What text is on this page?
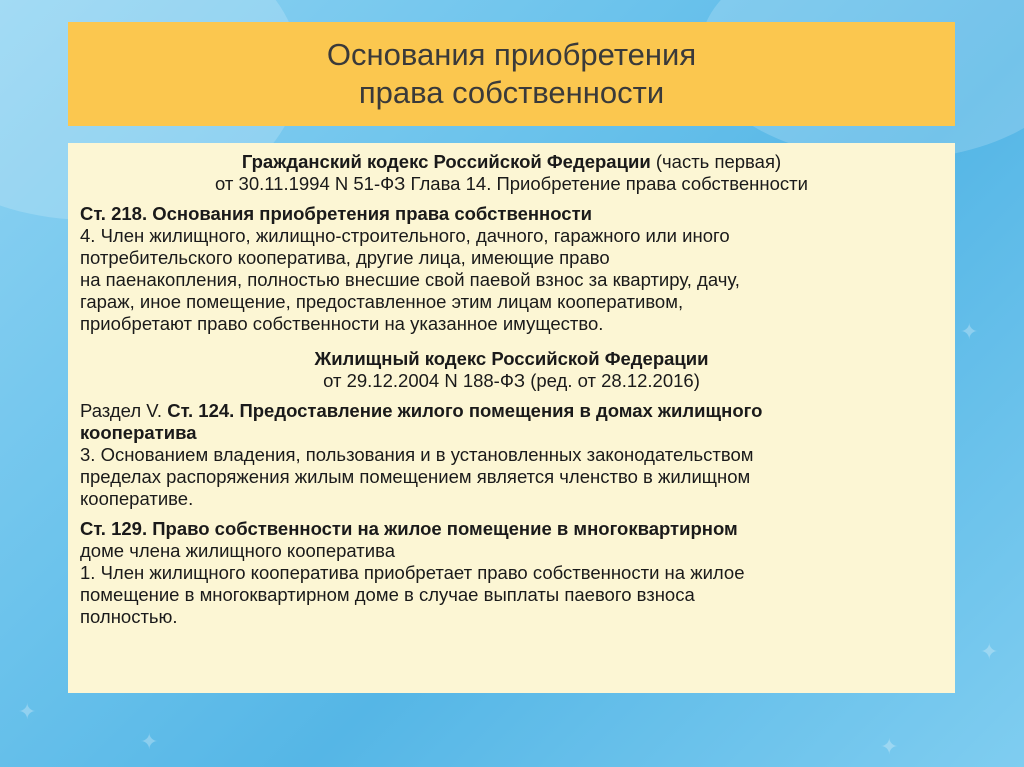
✦
✦
✦
✦
✦
Основания приобретения
права собственности
Гражданский кодекс Российской Федерации (часть первая)
от 30.11.1994 N 51-ФЗ Глава 14. Приобретение права собственности
Ст. 218. Основания приобретения права собственности
4. Член жилищного, жилищно-строительного, дачного, гаражного или иного
потребительского кооператива, другие лица, имеющие право
на паенакопления, полностью внесшие свой паевой взнос за квартиру, дачу,
гараж, иное помещение, предоставленное этим лицам кооперативом,
приобретают право собственности на указанное имущество.
Жилищный кодекс Российской Федерации
от 29.12.2004 N 188-ФЗ (ред. от 28.12.2016)
Раздел V. Ст. 124. Предоставление жилого помещения в домах жилищного
кооператива
3. Основанием владения, пользования и в установленных законодательством
пределах распоряжения жилым помещением является членство в жилищном
кооперативе.
Ст. 129. Право собственности на жилое помещение в многоквартирном
доме члена жилищного кооператива
1. Член жилищного кооператива приобретает право собственности на жилое
помещение в многоквартирном доме в случае выплаты паевого взноса
полностью.
